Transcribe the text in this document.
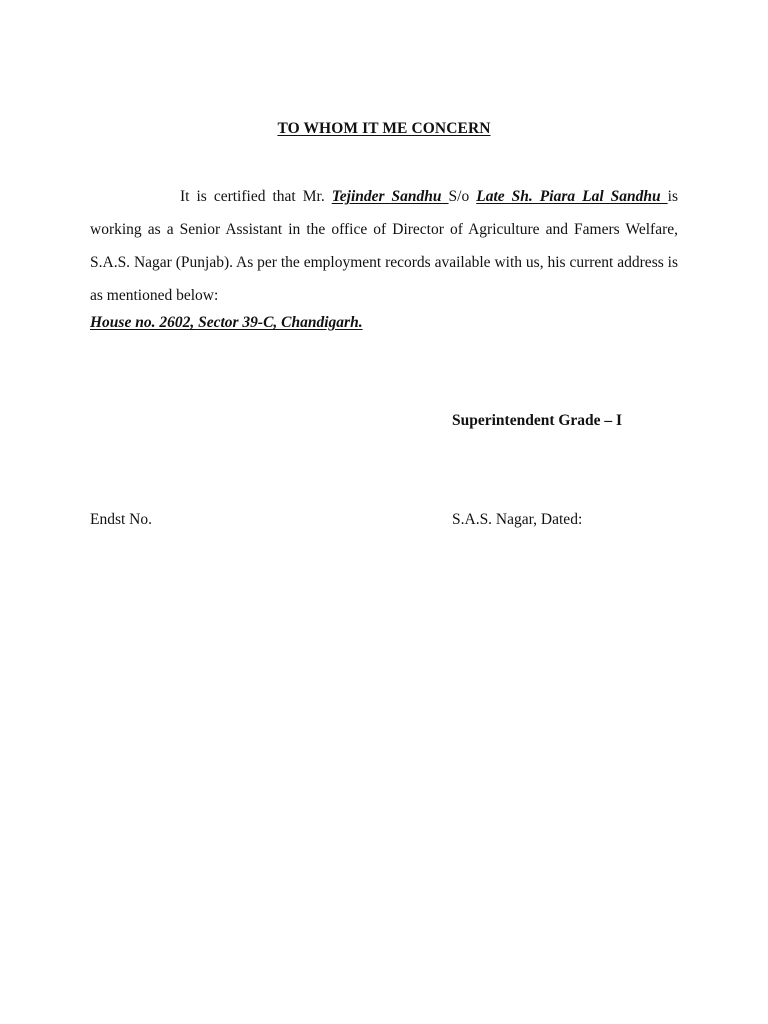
TO WHOM IT ME CONCERN
It is certified that Mr. Tejinder Sandhu S/o Late Sh. Piara Lal Sandhu is working as a Senior Assistant in the office of Director of Agriculture and Famers Welfare, S.A.S. Nagar (Punjab). As per the employment records available with us, his current address is as mentioned below:
House no. 2602, Sector 39-C, Chandigarh.
Superintendent Grade – I
Endst No.	S.A.S. Nagar, Dated:
